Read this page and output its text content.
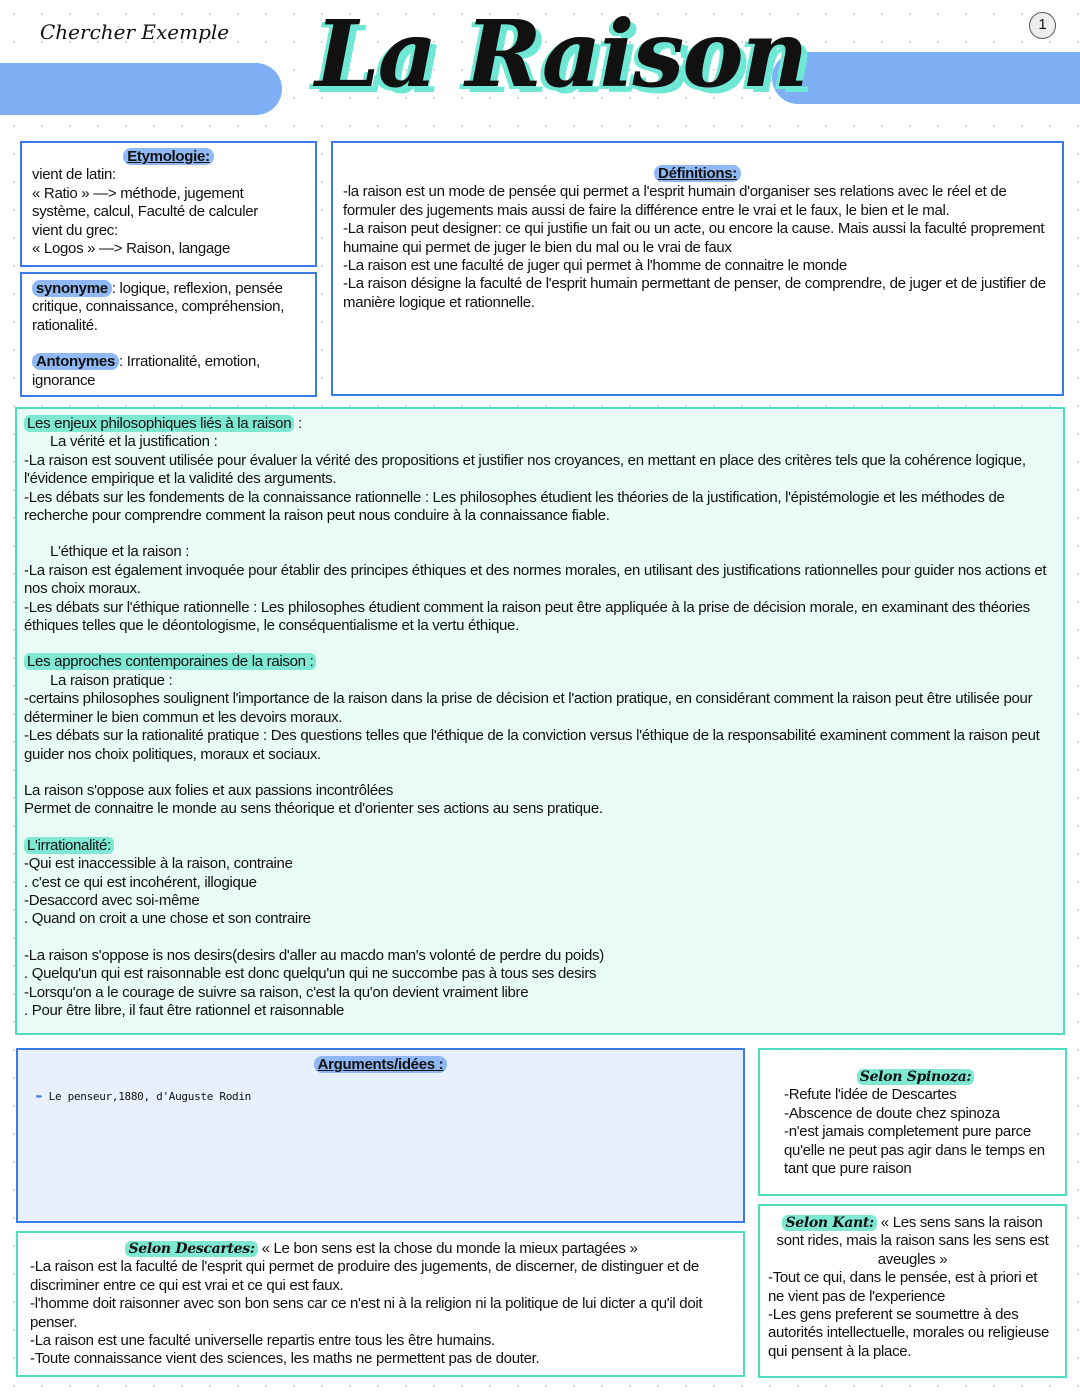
Chercher Exemple La Raison	1
Etymologie:

vient de latin:

« Ratio » —> méthode, jugement

système, calcul, Faculté de calculer

vient du grec:

« Logos » —> Raison, langage

synonyme : logique, reflexion, pensée critique, connaissance, compréhension, rationalité.

Antonymes : Irrationalité, emotion, ignorance

Définitions:

-la raison est un mode de pensée qui permet a l'esprit humain d'organiser ses relations avec le réel et de formuler des jugements mais aussi de faire la différence entre le vrai et le faux, le bien et le mal.

-La raison peut designer: ce qui justifie un fait ou un acte, ou encore la cause. Mais aussi la faculté proprement humaine qui permet de juger le bien du mal ou le vrai de faux

-La raison est une faculté de juger qui permet à l'homme de connaitre le monde

-La raison désigne la faculté de l'esprit humain permettant de penser, de comprendre, de juger et de justifier de manière logique et rationnelle.

Les enjeux philosophiques liés à la raison :

La vérité et la justification :

-La raison est souvent utilisée pour évaluer la vérité des propositions et justifier nos croyances, en mettant en place des critères tels que la cohérence logique, l'évidence empirique et la validité des arguments.

-Les débats sur les fondements de la connaissance rationnelle : Les philosophes étudient les théories de la justification, l'épistémologie et les méthodes de recherche pour comprendre comment la raison peut nous conduire à la connaissance fiable.

L'éthique et la raison :

-La raison est également invoquée pour établir des principes éthiques et des normes morales, en utilisant des justifications rationnelles pour guider nos actions et nos choix moraux.

-Les débats sur l'éthique rationnelle : Les philosophes étudient comment la raison peut être appliquée à la prise de décision morale, en examinant des théories éthiques telles que le déontologisme, le conséquentialisme et la vertu éthique.

Les approches contemporaines de la raison :

La raison pratique :

-certains philosophes soulignent l'importance de la raison dans la prise de décision et l'action pratique, en considérant comment la raison peut être utilisée pour déterminer le bien commun et les devoirs moraux.

-Les débats sur la rationalité pratique : Des questions telles que l'éthique de la conviction versus l'éthique de la responsabilité examinent comment la raison peut guider nos choix politiques, moraux et sociaux.

La raison s'oppose aux folies et aux passions incontrôlées

Permet de connaitre le monde au sens théorique et d'orienter ses actions au sens pratique.

L'irrationalité:

-Qui est inaccessible à la raison, contraine

. c'est ce qui est incohérent, illogique

-Desaccord avec soi-même

. Quand on croit a une chose et son contraire

-La raison s'oppose is nos desirs(desirs d'aller au macdo man's volonté de perdre du poids)

. Quelqu'un qui est raisonnable est donc quelqu'un qui ne succombe pas à tous ses desirs

-Lorsqu'on a le courage de suivre sa raison, c'est la qu'on devient vraiment libre

. Pour être libre, il faut être rationnel et raisonnable

Arguments/idées :

➨ Le penseur,1880, d'Auguste Rodin

Selon Spinoza:

-Refute l'idée de Descartes

-Abscence de doute chez spinoza

-n'est jamais completement pure parce qu'elle ne peut pas agir dans le temps en tant que pure raison

Selon Kant: « Les sens sans la raison sont rides, mais la raison sans les sens est aveugles »

-Tout ce qui, dans le pensée, est à priori et ne vient pas de l'experience

-Les gens preferent se soumettre à des autorités intellectuelle, morales ou religieuse qui pensent à la place.

Selon Descartes: « Le bon sens est la chose du monde la mieux partagées »

-La raison est la faculté de l'esprit qui permet de produire des jugements, de discerner, de distinguer et de discriminer entre ce qui est vrai et ce qui est faux.

-l'homme doit raisonner avec son bon sens car ce n'est ni à la religion ni la politique de lui dicter a qu'il doit penser.

-La raison est une faculté universelle repartis entre tous les être humains.

-Toute connaissance vient des sciences, les maths ne permettent pas de douter.
